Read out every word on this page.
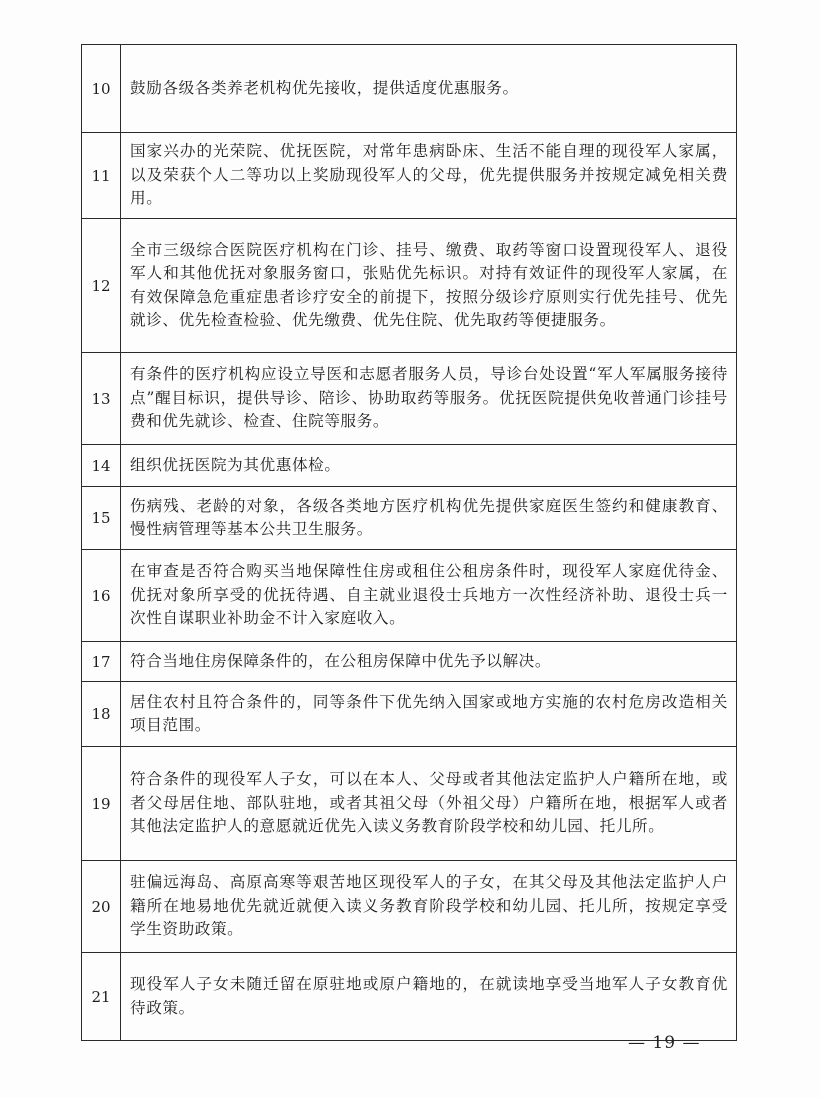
10	鼓励各级各类养老机构优先接收，提供适度优惠服务。
11	国家兴办的光荣院、优抚医院，对常年患病卧床、生活不能自理的现役军人家属，以及荣获个人二等功以上奖励现役军人的父母，优先提供服务并按规定减免相关费用。
12	全市三级综合医院医疗机构在门诊、挂号、缴费、取药等窗口设置现役军人、退役军人和其他优抚对象服务窗口，张贴优先标识。对持有效证件的现役军人家属，在有效保障急危重症患者诊疗安全的前提下，按照分级诊疗原则实行优先挂号、优先就诊、优先检查检验、优先缴费、优先住院、优先取药等便捷服务。
13	有条件的医疗机构应设立导医和志愿者服务人员，导诊台处设置“军人军属服务接待点”醒目标识，提供导诊、陪诊、协助取药等服务。优抚医院提供免收普通门诊挂号费和优先就诊、检查、住院等服务。
14	组织优抚医院为其优惠体检。
15	伤病残、老龄的对象，各级各类地方医疗机构优先提供家庭医生签约和健康教育、慢性病管理等基本公共卫生服务。
16	在审查是否符合购买当地保障性住房或租住公租房条件时，现役军人家庭优待金、优抚对象所享受的优抚待遇、自主就业退役士兵地方一次性经济补助、退役士兵一次性自谋职业补助金不计入家庭收入。
17	符合当地住房保障条件的，在公租房保障中优先予以解决。
18	居住农村且符合条件的，同等条件下优先纳入国家或地方实施的农村危房改造相关项目范围。
19	符合条件的现役军人子女，可以在本人、父母或者其他法定监护人户籍所在地，或者父母居住地、部队驻地，或者其祖父母（外祖父母）户籍所在地，根据军人或者其他法定监护人的意愿就近优先入读义务教育阶段学校和幼儿园、托儿所。
20	驻偏远海岛、高原高寒等艰苦地区现役军人的子女，在其父母及其他法定监护人户籍所在地易地优先就近就便入读义务教育阶段学校和幼儿园、托儿所，按规定享受学生资助政策。
21	现役军人子女未随迁留在原驻地或原户籍地的，在就读地享受当地军人子女教育优待政策。
— 19 —
